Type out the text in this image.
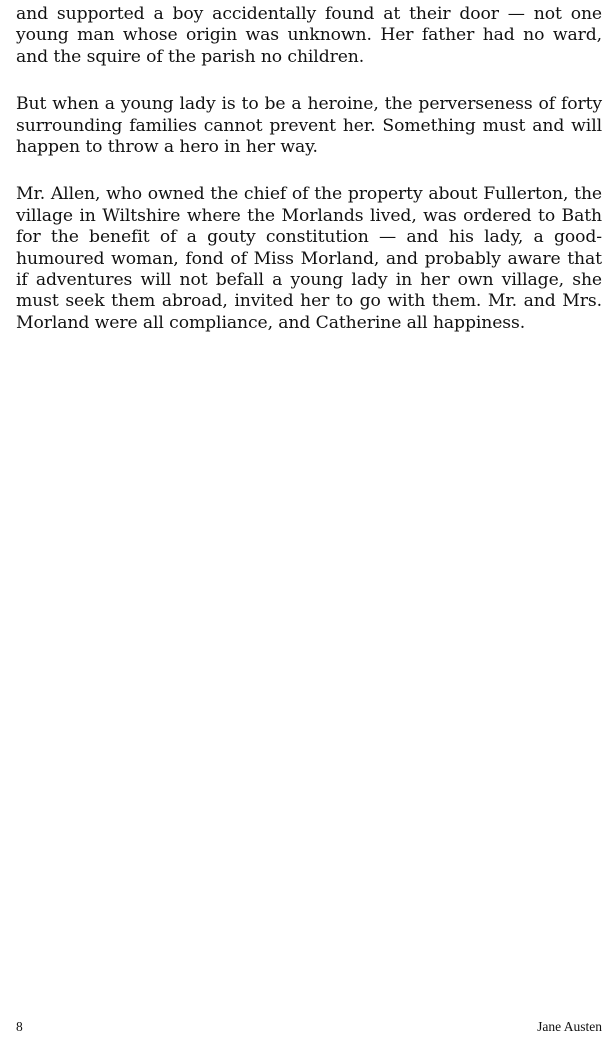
and supported a boy accidentally found at their door — not one young man whose origin was unknown. Her father had no ward, and the squire of the parish no children.

But when a young lady is to be a heroine, the perverseness of forty surrounding families cannot prevent her. Something must and will happen to throw a hero in her way.

Mr. Allen, who owned the chief of the property about Fullerton, the village in Wiltshire where the Morlands lived, was ordered to Bath for the benefit of a gouty constitution — and his lady, a good-humoured woman, fond of Miss Morland, and probably aware that if adventures will not befall a young lady in her own village, she must seek them abroad, invited her to go with them. Mr. and Mrs. Morland were all compliance, and Catherine all happiness.

8	Jane Austen
